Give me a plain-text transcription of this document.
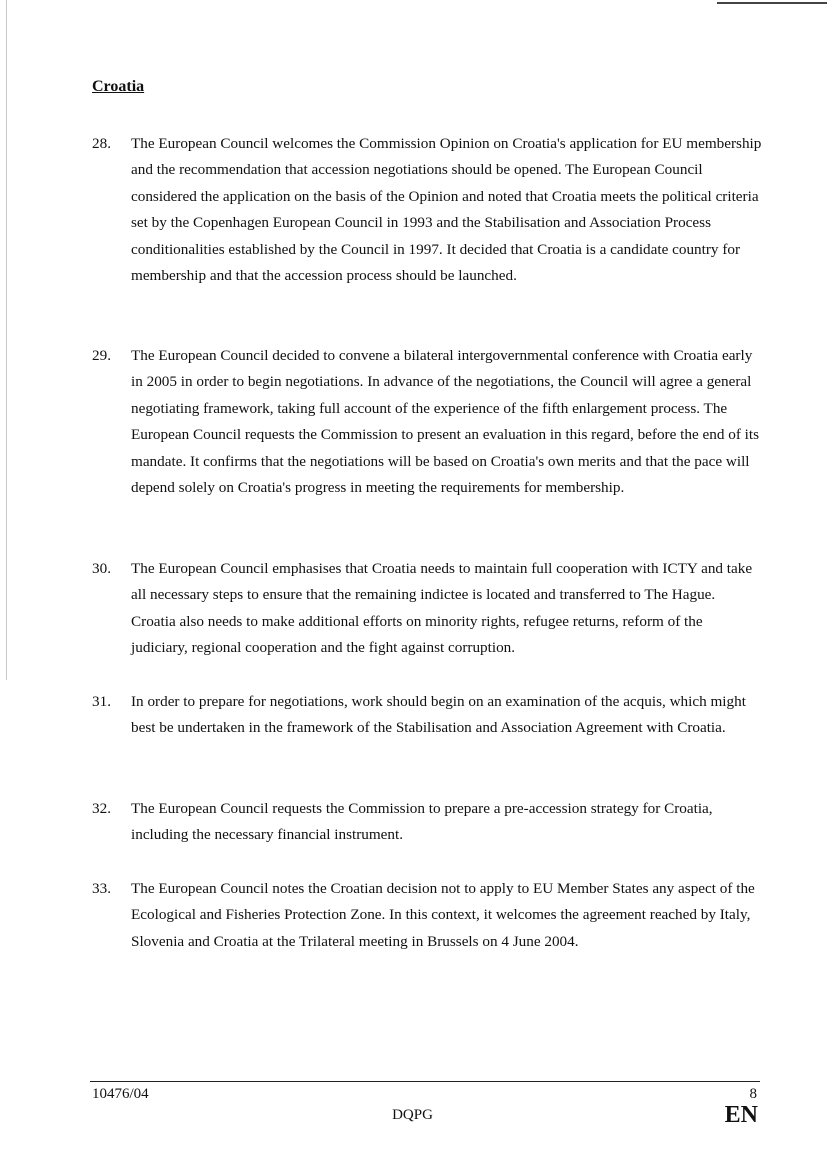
Croatia
28.	The European Council welcomes the Commission Opinion on Croatia's application for EU membership and the recommendation that accession negotiations should be opened. The European Council considered the application on the basis of the Opinion and noted that Croatia meets the political criteria set by the Copenhagen European Council in 1993 and the Stabilisation and Association Process conditionalities established by the Council in 1997. It decided that Croatia is a candidate country for membership and that the accession process should be launched.
29.	The European Council decided to convene a bilateral intergovernmental conference with Croatia early in 2005 in order to begin negotiations. In advance of the negotiations, the Council will agree a general negotiating framework, taking full account of the experience of the fifth enlargement process. The European Council requests the Commission to present an evaluation in this regard, before the end of its mandate. It confirms that the negotiations will be based on Croatia's own merits and that the pace will depend solely on Croatia's progress in meeting the requirements for membership.
30.	The European Council emphasises that Croatia needs to maintain full cooperation with ICTY and take all necessary steps to ensure that the remaining indictee is located and transferred to The Hague. Croatia also needs to make additional efforts on minority rights, refugee returns, reform of the judiciary, regional cooperation and the fight against corruption.
31.	In order to prepare for negotiations, work should begin on an examination of the acquis, which might best be undertaken in the framework of the Stabilisation and Association Agreement with Croatia.
32.	The European Council requests the Commission to prepare a pre-accession strategy for Croatia, including the necessary financial instrument.
33.	The European Council notes the Croatian decision not to apply to EU Member States any aspect of the Ecological and Fisheries Protection Zone. In this context, it welcomes the agreement reached by Italy, Slovenia and Croatia at the Trilateral meeting in Brussels on 4 June 2004.
10476/04	8
DQPG	EN
